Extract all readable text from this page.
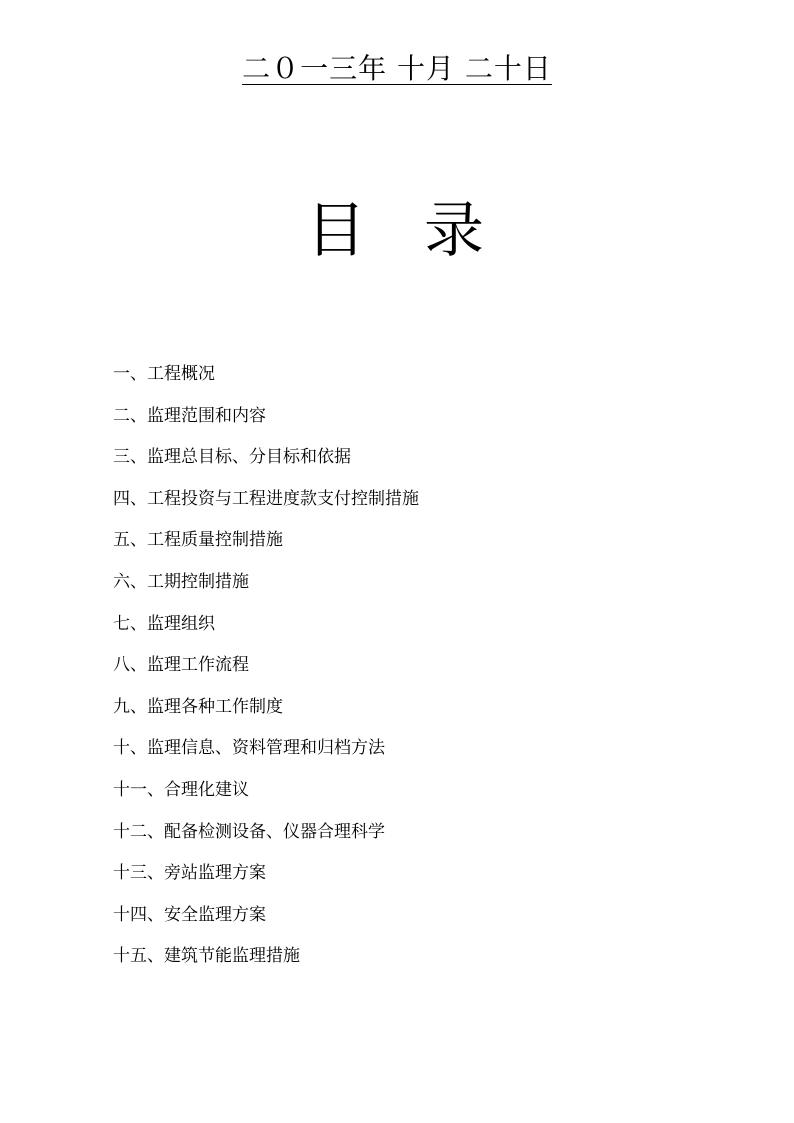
二０一三年 十月 二十日
目 录
一、工程概况
二、监理范围和内容
三、监理总目标、分目标和依据
四、工程投资与工程进度款支付控制措施
五、工程质量控制措施
六、工期控制措施
七、监理组织
八、监理工作流程
九、监理各种工作制度
十、监理信息、资料管理和归档方法
十一、合理化建议
十二、配备检测设备、仪器合理科学
十三、旁站监理方案
十四、安全监理方案
十五、建筑节能监理措施
